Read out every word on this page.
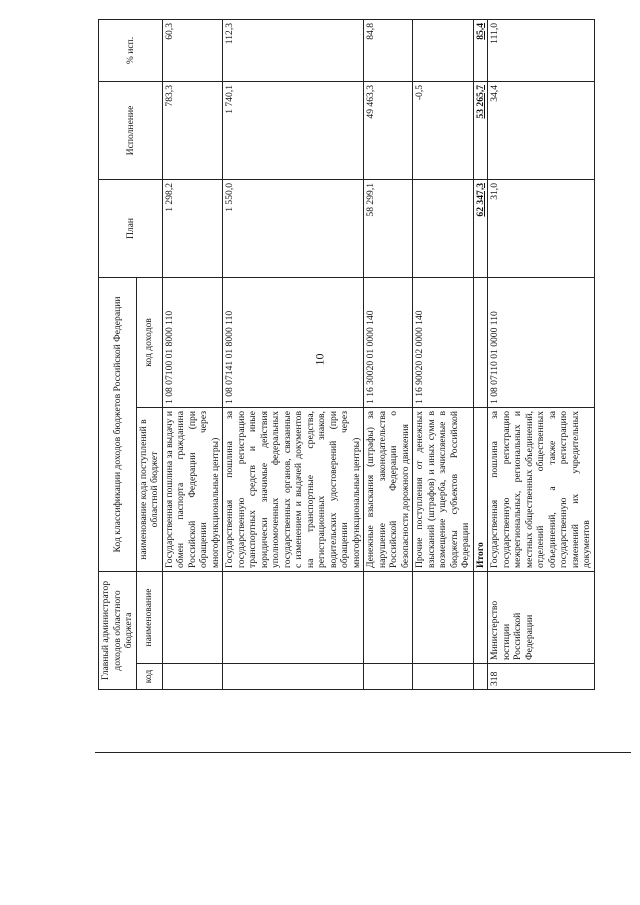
10
Главный администратор доходов областного бюджета		Код классификации доходов бюджетов Российской Федерации		План	Исполнение	% исп.
код	наименование	наименование кода поступлений в областной бюджет	код доходов			
		Государственная пошлина за выдачу и обмен паспорта гражданина Российской Федерации (при обращении через многофункциональные центры)	1 08 07100 01 8000 110	1 298,2	783,3	60,3
		Государственная пошлина за государственную регистрацию транспортных средств и иные юридически значимые действия уполномоченных федеральных государственных органов, связанные с изменением и выдачей документов на транспортные средства, регистрационных знаков, водительских удостоверений (при обращении через многофункциональные центры)	1 08 07141 01 8000 110	1 550,0	1 740,1	112,3
		Денежные взыскания (штрафы) за нарушение законодательства Российской Федерации о безопасности дорожного движения	1 16 30020 01 0000 140	58 299,1	49 463,3	84,8
		Прочие поступления от денежных взысканий (штрафов) и иных сумм в возмещение ущерба, зачисляемые в бюджеты субъектов Российской Федерации	1 16 90020 02 0000 140		-0,5	
		Итого		62 347,3	53 265,7	85,4
318	Министерство юстиции Российской Федерации	Государственная пошлина за государственную регистрацию межрегиональных, региональных и местных общественных объединений, отделений общественных объединений, а также за государственную регистрацию изменений их учредительных документов	1 08 07110 01 0000 110	31,0	34,4	111,0
